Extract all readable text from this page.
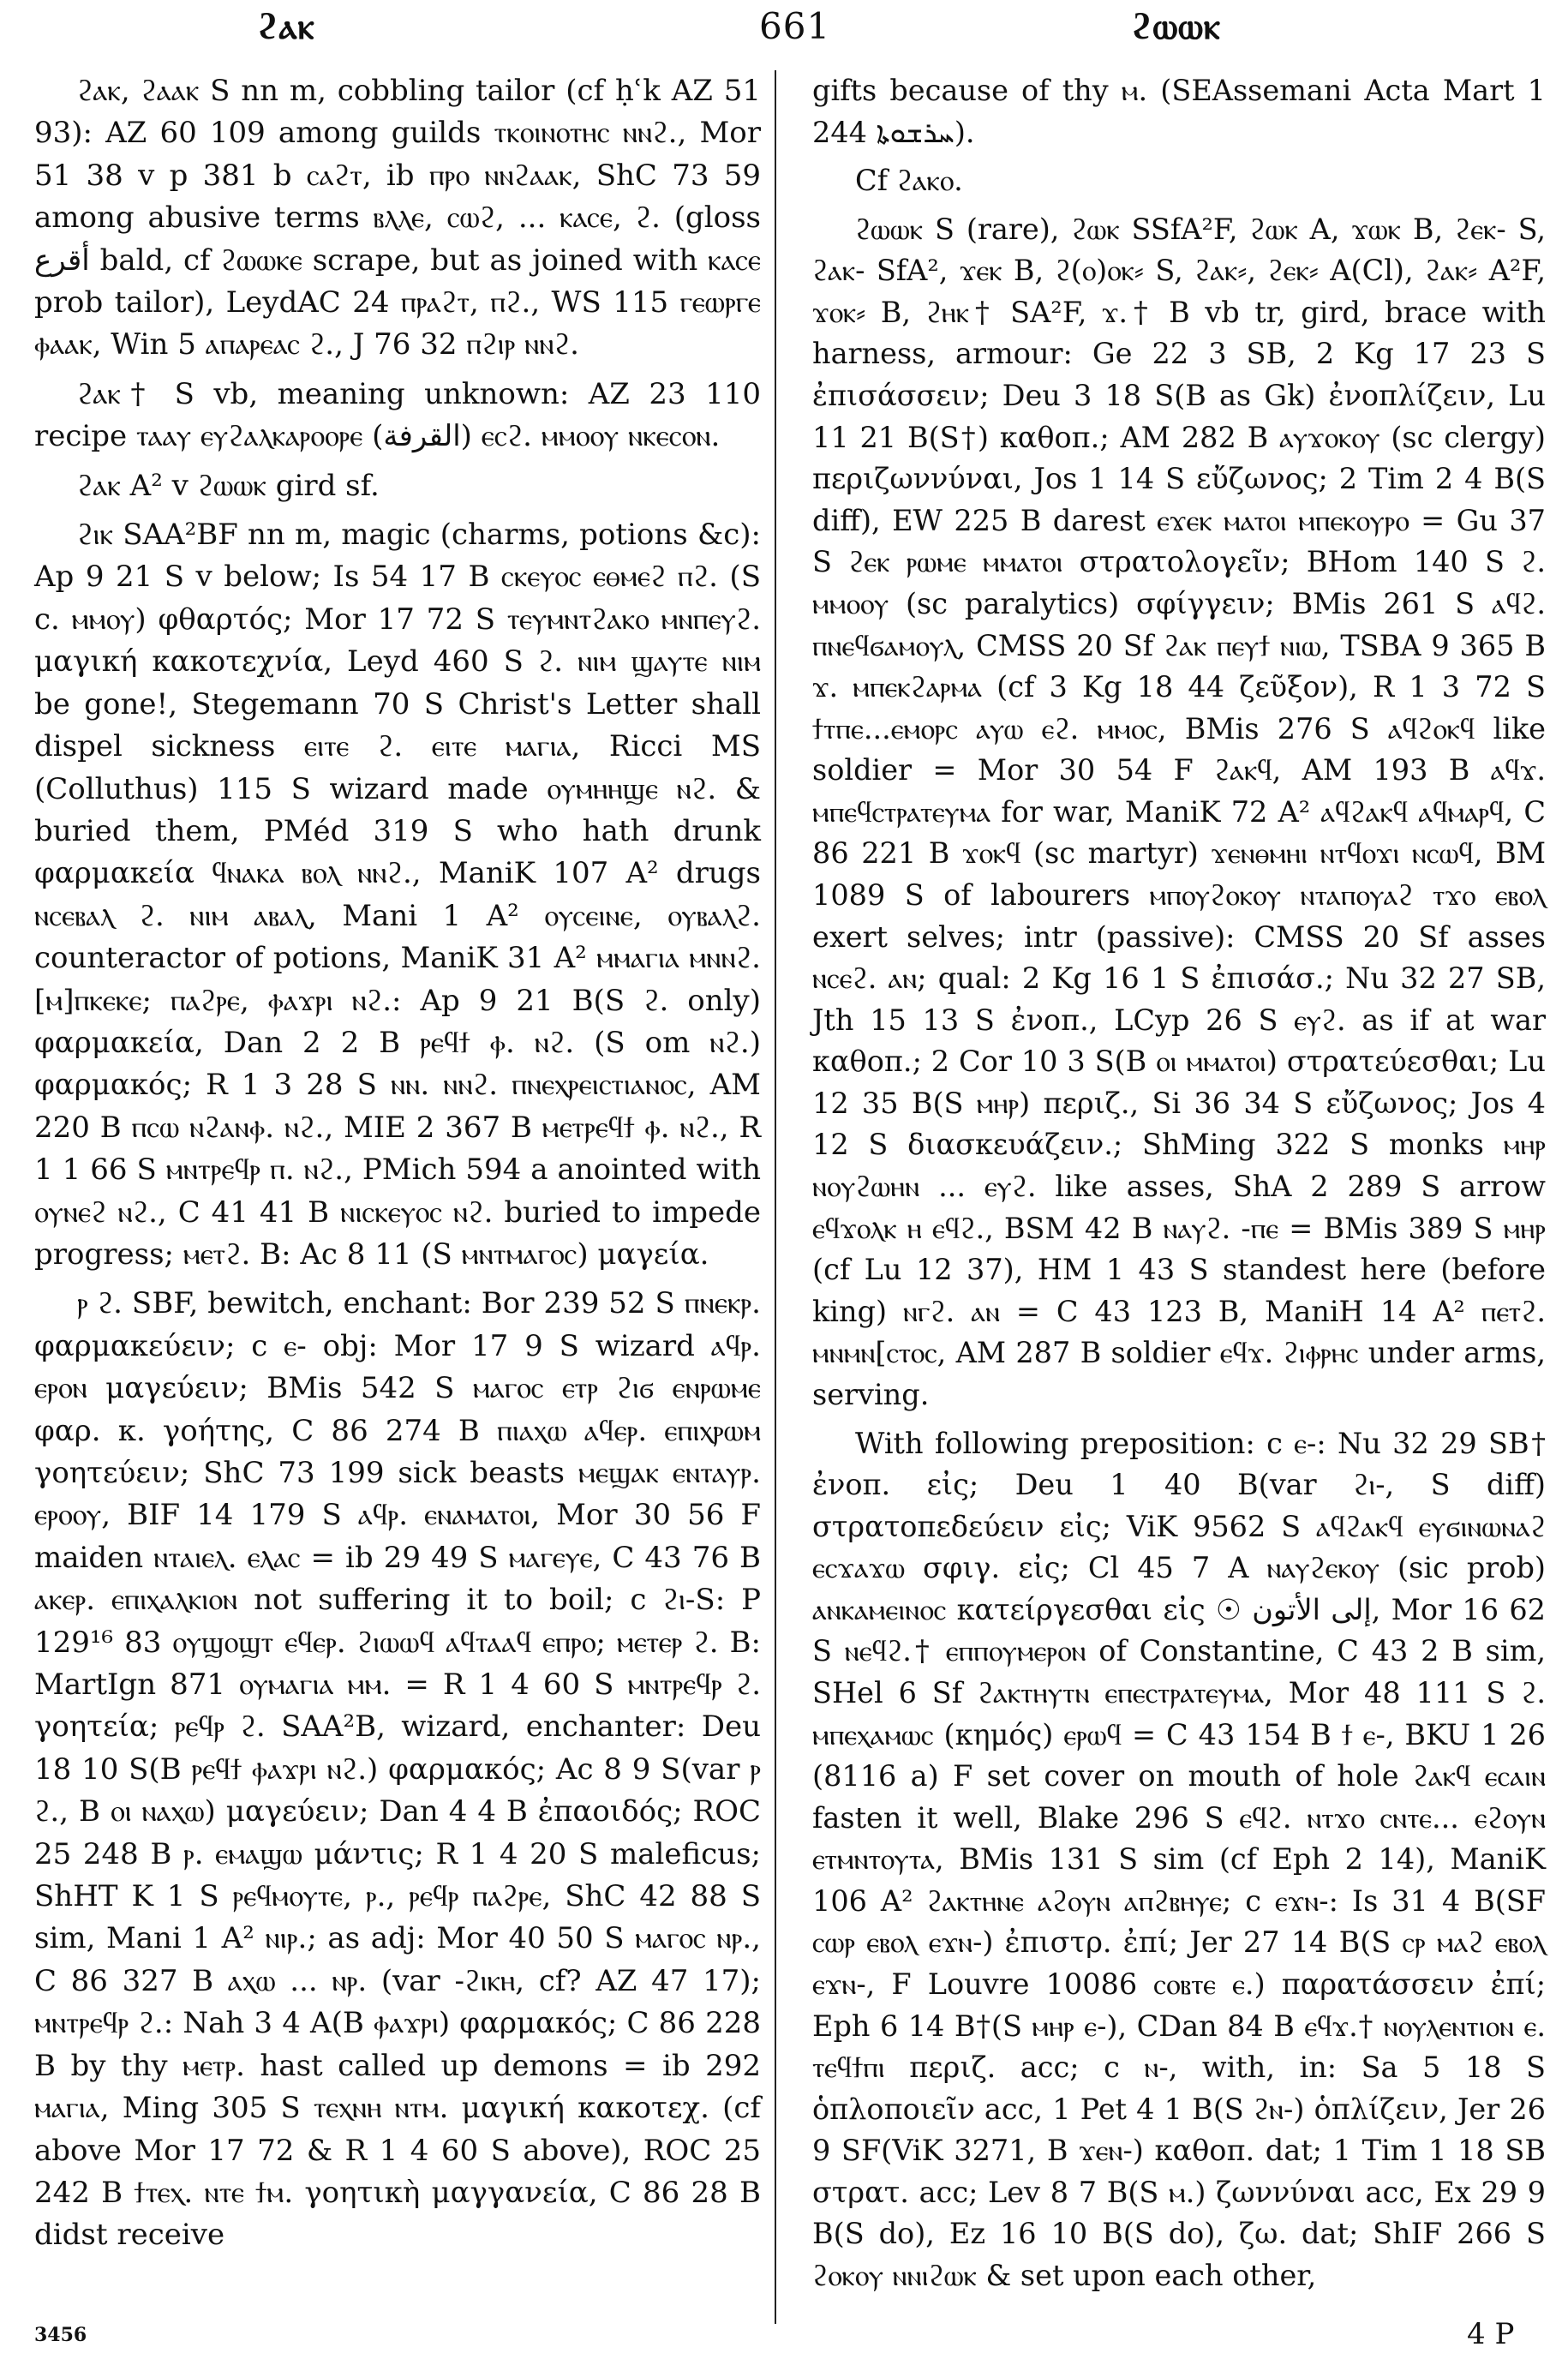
ϩⲁⲕ	661	ϩⲱⲱⲕ

ϩⲁⲕ, ϩⲁⲁⲕ S nn m, cobbling tailor (cf ḥʿk AZ 51 93): AZ 60 109 among guilds ⲧⲕⲟⲓⲛⲟⲧⲏⲥ ⲛⲛϩ., Mor 51 38 v p 381 b ⲥⲁϩⲧ, ib ⲡⲣⲟ ⲛⲛϩⲁⲁⲕ, ShC 73 59 among abusive terms ⲃⲗⲗⲉ, ⲥⲱϩ, ... ⲕⲁⲥⲉ, ϩ. (gloss أقرع bald, cf ϩⲱⲱⲕⲉ scrape, but as joined with ⲕⲁⲥⲉ prob tailor), LeydAC 24 ⲡⲣⲁϩⲧ, ⲡϩ., WS 115 ⲅⲉⲱⲣⲅⲉ ⲫⲁⲁⲕ, Win 5 ⲁⲡⲁⲣⲉⲁⲥ ϩ., J 76 32 ⲡϩⲓⲣ ⲛⲛϩ.

ϩⲁⲕ† S vb, meaning unknown: AZ 23 110 recipe ⲧⲁⲁⲩ ⲉⲩϩⲁⲗⲕⲁⲣⲟⲟⲣⲉ (القرفة) ⲉⲥϩ. ⲙⲙⲟⲟⲩ ⲛⲕⲉⲥⲟⲛ.

ϩⲁⲕ A² v ϩⲱⲱⲕ gird sf.

ϩⲓⲕ SAA²BF nn m, magic (charms, potions &c): Ap 9 21 S v below; Is 54 17 B ⲥⲕⲉⲩⲟⲥ ⲉⲑⲙⲉϩ ⲡϩ. (S c. ⲙⲙⲟⲩ) φθαρτός; Mor 17 72 S ⲧⲉⲩⲙⲛⲧϩⲁⲕⲟ ⲙⲛⲡⲉⲩϩ. μαγική κακοτεχνία, Leyd 460 S ϩ. ⲛⲓⲙ ϣⲁⲩⲧⲉ ⲛⲓⲙ be gone!, Stegemann 70 S Christ's Letter shall dispel sickness ⲉⲓⲧⲉ ϩ. ⲉⲓⲧⲉ ⲙⲁⲅⲓⲁ, Ricci MS (Colluthus) 115 S wizard made ⲟⲩⲙⲏⲏϣⲉ ⲛϩ. & buried them, PMéd 319 S who hath drunk φαρμακεία ϥⲛⲁⲕⲁ ⲃⲟⲗ ⲛⲛϩ., ManiK 107 A² drugs ⲛⲥⲉⲃⲁⲗ ϩ. ⲛⲓⲙ ⲁⲃⲁⲗ, Mani 1 A² ⲟⲩⲥⲉⲓⲛⲉ, ⲟⲩⲃⲁⲗϩ. counteractor of potions, ManiK 31 A² ⲙⲙⲁⲅⲓⲁ ⲙⲛⲛϩ. [ⲙ]ⲡⲕⲉⲕⲉ; ⲡⲁϩⲣⲉ, ⲫⲁϫⲣⲓ ⲛϩ.: Ap 9 21 B(S ϩ. only) φαρμακεία, Dan 2 2 B ⲣⲉϥϯ ⲫ. ⲛϩ. (S om ⲛϩ.) φαρμακός; R 1 3 28 S ⲛⲛ. ⲛⲛϩ. ⲡⲛⲉⲭⲣⲉⲓⲥⲧⲓⲁⲛⲟⲥ, AM 220 B ⲡⲥⲱ ⲛϩⲁⲛⲫ. ⲛϩ., MIE 2 367 B ⲙⲉⲧⲣⲉϥϯ ⲫ. ⲛϩ., R 1 1 66 S ⲙⲛⲧⲣⲉϥⲣ ⲡ. ⲛϩ., PMich 594 a anointed with ⲟⲩⲛⲉϩ ⲛϩ., C 41 41 B ⲛⲓⲥⲕⲉⲩⲟⲥ ⲛϩ. buried to impede progress; ⲙⲉⲧϩ. B: Ac 8 11 (S ⲙⲛⲧⲙⲁⲅⲟⲥ) μαγεία.

ⲣ ϩ. SBF, bewitch, enchant: Bor 239 52 S ⲡⲛⲉⲕⲣ. φαρμακεύειν; c ⲉ- obj: Mor 17 9 S wizard ⲁϥⲣ. ⲉⲣⲟⲛ μαγεύειν; BMis 542 S ⲙⲁⲅⲟⲥ ⲉⲧⲣ ϩⲓϭ ⲉⲛⲣⲱⲙⲉ φαρ. κ. γοήτης, C 86 274 B ⲡⲓⲁⲭⲱ ⲁϥⲉⲣ. ⲉⲡⲓⲭⲣⲱⲙ γοητεύειν; ShC 73 199 sick beasts ⲙⲉϣⲁⲕ ⲉⲛⲧⲁⲩⲣ. ⲉⲣⲟⲟⲩ, BIF 14 179 S ⲁϥⲣ. ⲉⲛⲁⲙⲁⲧⲟⲓ, Mor 30 56 F maiden ⲛⲧⲁⲓⲉⲗ. ⲉⲗⲁⲥ = ib 29 49 S ⲙⲁⲅⲉⲩⲉ, C 43 76 B ⲁⲕⲉⲣ. ⲉⲡⲓⲭⲁⲗⲕⲓⲟⲛ not suffering it to boil; c ϩⲓ-S: P 129¹⁶ 83 ⲟⲩϣⲟϣⲧ ⲉϥⲉⲣ. ϩⲓⲱⲱϥ ⲁϥⲧⲁⲁϥ ⲉⲡⲣⲟ; ⲙⲉⲧⲉⲣ ϩ. B: MartIgn 871 ⲟⲩⲙⲁⲅⲓⲁ ⲙⲙ. = R 1 4 60 S ⲙⲛⲧⲣⲉϥⲣ ϩ. γοητεία; ⲣⲉϥⲣ ϩ. SAA²B, wizard, enchanter: Deu 18 10 S(B ⲣⲉϥϯ ⲫⲁϫⲣⲓ ⲛϩ.) φαρμακός; Ac 8 9 S(var ⲣ ϩ., B ⲟⲓ ⲛⲁⲭⲱ) μαγεύειν; Dan 4 4 B ἐπαοιδός; ROC 25 248 B ⲣ. ⲉⲙⲁϣⲱ μάντις; R 1 4 20 S maleficus; ShHT K 1 S ⲣⲉϥⲙⲟⲩⲧⲉ, ⲣ., ⲣⲉϥⲣ ⲡⲁϩⲣⲉ, ShC 42 88 S sim, Mani 1 A² ⲛⲓⲣ.; as adj: Mor 40 50 S ⲙⲁⲅⲟⲥ ⲛⲣ., C 86 327 B ⲁⲭⲱ ... ⲛⲣ. (var -ϩⲓⲕⲏ, cf? AZ 47 17); ⲙⲛⲧⲣⲉϥⲣ ϩ.: Nah 3 4 A(B ⲫⲁϫⲣⲓ) φαρμακός; C 86 228 B by thy ⲙⲉⲧⲣ. hast called up demons = ib 292 ⲙⲁⲅⲓⲁ, Ming 305 S ⲧⲉⲭⲛⲏ ⲛⲧⲙ. μαγική κακοτεχ. (cf above Mor 17 72 & R 1 4 60 S above), ROC 25 242 B ϯⲧⲉⲭ. ⲛⲧⲉ ϯⲙ. γοητικὴ μαγγανεία, C 86 28 B didst receive

gifts because of thy ⲙ. (SEAssemani Acta Mart 1 244 ܚܪܫܘܬܐ).

Cf ϩⲁⲕⲟ.

ϩⲱⲱⲕ S (rare), ϩⲱⲕ SSfA²F, ϩⲱⲕ A, ϫⲱⲕ B, ϩⲉⲕ- S, ϩⲁⲕ- SfA², ϫⲉⲕ B, ϩ(ⲟ)ⲟⲕ⸗ S, ϩⲁⲕ⸗, ϩⲉⲕ⸗ A(Cl), ϩⲁⲕ⸗ A²F, ϫⲟⲕ⸗ B, ϩⲏⲕ† SA²F, ϫ.† B vb tr, gird, brace with harness, armour: Ge 22 3 SB, 2 Kg 17 23 S ἐπισάσσειν; Deu 3 18 S(B as Gk) ἐνοπλίζειν, Lu 11 21 B(S†) καθοπ.; AM 282 B ⲁⲩϫⲟⲕⲟⲩ (sc clergy) περιζωννύναι, Jos 1 14 S εὔζωνος; 2 Tim 2 4 B(S diff), EW 225 B darest ⲉϫⲉⲕ ⲙⲁⲧⲟⲓ ⲙⲡⲉⲕⲟⲩⲣⲟ = Gu 37 S ϩⲉⲕ ⲣⲱⲙⲉ ⲙⲙⲁⲧⲟⲓ στρατολογεῖν; BHom 140 S ϩ. ⲙⲙⲟⲟⲩ (sc paralytics) σφίγγειν; BMis 261 S ⲁϥϩ. ⲡⲛⲉϥϭⲁⲙⲟⲩⲗ, CMSS 20 Sf ϩⲁⲕ ⲡⲉⲩϯ ⲛⲓⲱ, TSBA 9 365 B ϫ. ⲙⲡⲉⲕϩⲁⲣⲙⲁ (cf 3 Kg 18 44 ζεῦξον), R 1 3 72 S ϯⲧⲡⲉ...ⲉⲙⲟⲣⲥ ⲁⲩⲱ ⲉϩ. ⲙⲙⲟⲥ, BMis 276 S ⲁϥϩⲟⲕϥ like soldier = Mor 30 54 F ϩⲁⲕϥ, AM 193 B ⲁϥϫ. ⲙⲡⲉϥⲥⲧⲣⲁⲧⲉⲩⲙⲁ for war, ManiK 72 A² ⲁϥϩⲁⲕϥ ⲁϥⲙⲁⲣϥ, C 86 221 B ϫⲟⲕϥ (sc martyr) ϫⲉⲛⲑⲙⲏⲓ ⲛⲧϥⲟϫⲓ ⲛⲥⲱϥ, BM 1089 S of labourers ⲙⲡⲟⲩϩⲟⲕⲟⲩ ⲛⲧⲁⲡⲟⲩⲁϩ ⲧϫⲟ ⲉⲃⲟⲗ exert selves; intr (passive): CMSS 20 Sf asses ⲛⲥⲉϩ. ⲁⲛ; qual: 2 Kg 16 1 S ἐπισάσ.; Nu 32 27 SB, Jth 15 13 S ἐνοπ., LCyp 26 S ⲉⲩϩ. as if at war καθοπ.; 2 Cor 10 3 S(B ⲟⲓ ⲙⲙⲁⲧⲟⲓ) στρατεύεσθαι; Lu 12 35 B(S ⲙⲏⲣ) περιζ., Si 36 34 S εὔζωνος; Jos 4 12 S διασκευάζειν.; ShMing 322 S monks ⲙⲏⲣ ⲛⲟⲩϩⲱⲏⲛ ... ⲉⲩϩ. like asses, ShA 2 289 S arrow ⲉϥϫⲟⲗⲕ ⲏ ⲉϥϩ., BSM 42 B ⲛⲁⲩϩ. -ⲡⲉ = BMis 389 S ⲙⲏⲣ (cf Lu 12 37), HM 1 43 S standest here (before king) ⲛⲅϩ. ⲁⲛ = C 43 123 B, ManiH 14 A² ⲡⲉⲧϩ. ⲙⲛⲙⲛ[ⲥⲧⲟⲥ, AM 287 B soldier ⲉϥϫ. ϩⲓⲫⲣⲏⲥ under arms, serving.

With following preposition: c ⲉ-: Nu 32 29 SB† ἐνοπ. εἰς; Deu 1 40 B(var ϩⲓ-, S diff) στρατοπεδεύειν εἰς; ViK 9562 S ⲁϥϩⲁⲕϥ ⲉⲩϭⲓⲛⲱⲛⲁϩ ⲉⲥϫⲁϫⲱ σφιγ. εἰς; Cl 45 7 A ⲛⲁⲩϩⲉⲕⲟⲩ (sic prob) ⲁⲛⲕⲁⲙⲉⲓⲛⲟⲥ κατείργεσθαι εἰς ☉ إلى الأتون, Mor 16 62 S ⲛⲉϥϩ.† ⲉⲡⲡⲟⲩⲙⲉⲣⲟⲛ of Constantine, C 43 2 B sim, SHel 6 Sf ϩⲁⲕⲧⲏⲩⲧⲛ ⲉⲡⲉⲥⲧⲣⲁⲧⲉⲩⲙⲁ, Mor 48 111 S ϩ. ⲙⲡⲉⲭⲁⲙⲱⲥ (κημός) ⲉⲣⲱϥ = C 43 154 B ϯ ⲉ-, BKU 1 26 (8116 a) F set cover on mouth of hole ϩⲁⲕϥ ⲉⲥⲁⲓⲛ fasten it well, Blake 296 S ⲉϥϩ. ⲛⲧϫⲟ ⲥⲛⲧⲉ... ⲉϩⲟⲩⲛ ⲉⲧⲙⲛⲧⲟⲩⲧⲁ, BMis 131 S sim (cf Eph 2 14), ManiK 106 A² ϩⲁⲕⲧⲏⲛⲉ ⲁϩⲟⲩⲛ ⲁⲡϩⲃⲏⲩⲉ; c ⲉϫⲛ-: Is 31 4 B(SF ⲥⲱⲣ ⲉⲃⲟⲗ ⲉϫⲛ-) ἐπιστρ. ἐπί; Jer 27 14 B(S ⲥⲣ ⲙⲁϩ ⲉⲃⲟⲗ ⲉϫⲛ-, F Louvre 10086 ⲥⲟⲃⲧⲉ ⲉ.) παρατάσσειν ἐπί; Eph 6 14 B†(S ⲙⲏⲣ ⲉ-), CDan 84 B ⲉϥϫ.† ⲛⲟⲩⲗⲉⲛⲧⲓⲟⲛ ⲉ. ⲧⲉϥϯⲡⲓ περιζ. acc; c ⲛ-, with, in: Sa 5 18 S ὁπλοποιεῖν acc, 1 Pet 4 1 B(S ϩⲛ-) ὁπλίζειν, Jer 26 9 SF(ViK 3271, B ϫⲉⲛ-) καθοπ. dat; 1 Tim 1 18 SB στρατ. acc; Lev 8 7 B(S ⲙ.) ζωννύναι acc, Ex 29 9 B(S do), Ez 16 10 B(S do), ζω. dat; ShIF 266 S ϩⲟⲕⲟⲩ ⲛⲛⲓϩⲱⲕ & set upon each other,

3456	4 P
